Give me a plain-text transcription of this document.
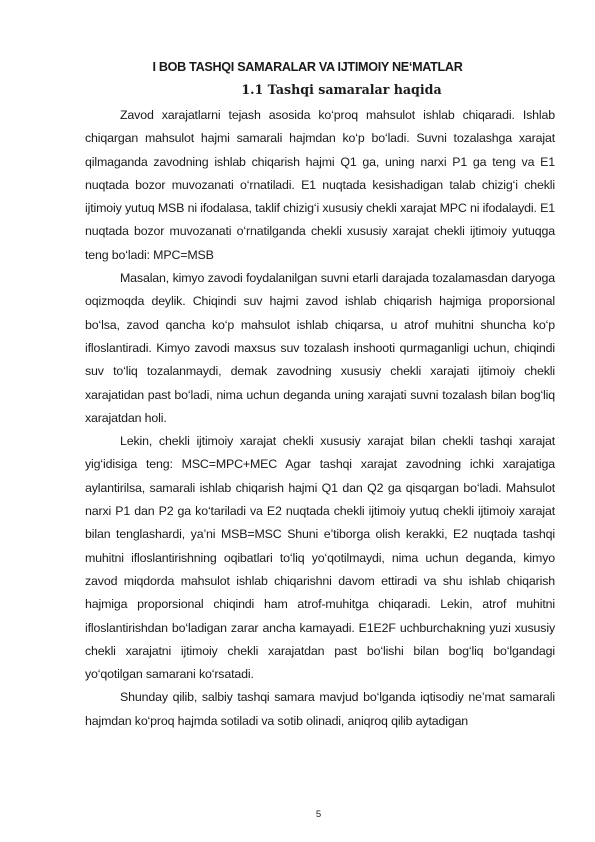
I BOB TASHQI SAMARALAR VA IJTIMOIY NE‘MATLAR
1.1 Tashqi samaralar haqida

Zavod xarajatlarni tejash asosida ko‘proq mahsulot ishlab chiqaradi. Ishlab chiqargan mahsulot hajmi samarali hajmdan ko‘p bo‘ladi. Suvni tozalashga xarajat qilmaganda zavodning ishlab chiqarish hajmi Q1 ga, uning narxi P1 ga teng va E1 nuqtada bozor muvozanati o‘rnatiladi. E1 nuqtada kesishadigan talab chizig‘i chekli ijtimoiy yutuq MSB ni ifodalasa, taklif chizig‘i xususiy chekli xarajat MPC ni ifodalaydi. E1 nuqtada bozor muvozanati o‘rnatilganda chekli xususiy xarajat chekli ijtimoiy yutuqga teng bo‘ladi: MPC=MSB

Masalan, kimyo zavodi foydalanilgan suvni etarli darajada tozalamasdan daryoga oqizmoqda deylik. Chiqindi suv hajmi zavod ishlab chiqarish hajmiga proporsional bo‘lsa, zavod qancha ko‘p mahsulot ishlab chiqarsa, u atrof muhitni shuncha ko‘p ifloslantiradi. Kimyo zavodi maxsus suv tozalash inshooti qurmaganligi uchun, chiqindi suv to‘liq tozalanmaydi, demak zavodning xususiy chekli xarajati ijtimoiy chekli xarajatidan past bo‘ladi, nima uchun deganda uning xarajati suvni tozalash bilan bog‘liq xarajatdan holi.

Lekin, chekli ijtimoiy xarajat chekli xususiy xarajat bilan chekli tashqi xarajat yig‘idisiga teng: MSC=MPC+MEC Agar tashqi xarajat zavodning ichki xarajatiga aylantirilsa, samarali ishlab chiqarish hajmi Q1 dan Q2 ga qisqargan bo‘ladi. Mahsulot narxi P1 dan P2 ga ko‘tariladi va E2 nuqtada chekli ijtimoiy yutuq chekli ijtimoiy xarajat bilan tenglashardi, ya’ni MSB=MSC Shuni e’tiborga olish kerakki, E2 nuqtada tashqi muhitni ifloslantirishning oqibatlari to‘liq yo‘qotilmaydi, nima uchun deganda, kimyo zavod miqdorda mahsulot ishlab chiqarishni davom ettiradi va shu ishlab chiqarish hajmiga proporsional chiqindi ham atrof-muhitga chiqaradi. Lekin, atrof muhitni ifloslantirishdan bo‘ladigan zarar ancha kamayadi. E1E2F uchburchakning yuzi xususiy chekli xarajatni ijtimoiy chekli xarajatdan past bo‘lishi bilan bog‘liq bo‘lgandagi yo‘qotilgan samarani ko‘rsatadi.

Shunday qilib, salbiy tashqi samara mavjud bo‘lganda iqtisodiy ne’mat samarali hajmdan ko‘proq hajmda sotiladi va sotib olinadi, aniqroq qilib aytadigan

5
